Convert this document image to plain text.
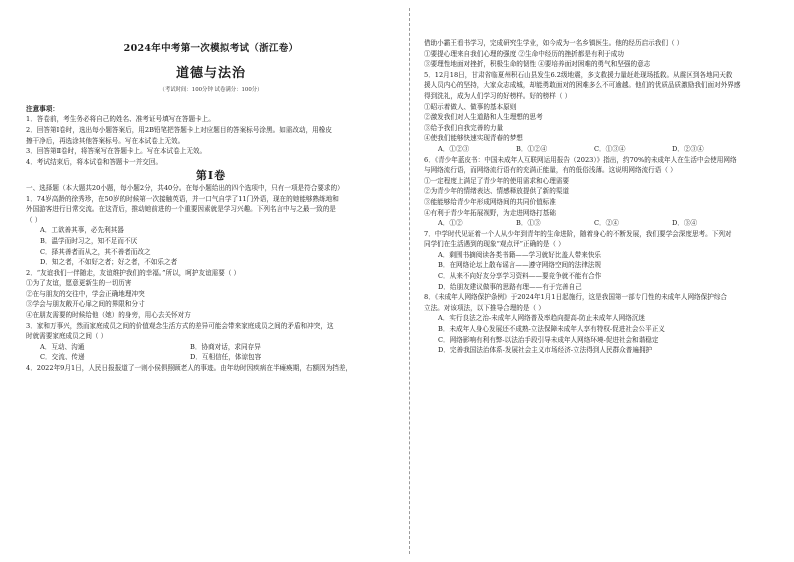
2024年中考第一次模拟考试（浙江卷）
道德与法治
（考试时间：100分钟 试卷满分：100分）
注意事项：
1．答卷前，考生务必将自己的姓名、准考证号填写在答题卡上。
2．回答第Ⅰ卷时，选出每小题答案后，用2B铅笔把答题卡上对应题目的答案标号涂黑。如需改动，用橡皮
擦干净后，再选涂其他答案标号。写在本试卷上无效。
3．回答第Ⅱ卷时，将答案写在答题卡上。写在本试卷上无效。
4．考试结束后，将本试卷和答题卡一并交回。
第Ⅰ卷
一、选择题（本大题共20小题，每小题2分，共40分。在每小题给出的四个选项中，只有一项是符合要求的）
1．74岁高龄的徐秀珍，在50岁的时候第一次接触英语，并一口气自学了11门外语，现在的她能够熟练地和
外国游客进行日常交流。在这背后，推动她前进的一个重要因素就是学习兴趣。下列名言中与之最一致的是
（ ）
A．工欲善其事，必先利其器
B．温学而时习之，知不足而不厌
C．择其善者而从之，其不善者而改之
D．知之者，不如好之者；好之者，不如乐之者
2．“友谊我们一伴随走，友谊维护我们的幸福。”所以，呵护友谊需要（ ）
①为了友谊，愿意更新生的一切历害
②在与朋友的交往中，学会正确地理冲突
③学会与朋友敞开心扉之间的界限和分寸
④在朋友需要的时候给他（她）的身旁，用心去关怀对方
3．家和万事兴，然而家庭成员之间的价值观念生活方式的差异可能会带来家庭成员之间的矛盾和冲突，这
时就需要家庭成员之间（ ）
A．互动、沟通	B．协商对话，求同存异
C．交流、传递	D．互相信任，体谅包容
4．2022年9月1日，人民日报报道了一则小侯俱照顾老人的事迹。由年幼时因疾病在半瘫痪期，右额因为挡差，
借助小霸王看书学习，完成研究生学业，如今成为一名乡镇医生。他的经历启示我们（ ）
①要提心理来自我们心理的强度 ②生命中经历的挫折都是有利于成功
③要理性地面对挫折，积极生命的韧性 ④要培养面对困难的勇气和坚强的意志
5．12月18日，甘肃省临夏州积石山县发生6.2级地震，多支救援力量赶赴现场抵救。从震区到各地同天救
援人员内心的坚持，大家众志成城，却能勇敢面对的困难多么不可逾越。他们的优质品质激励我们面对外界感
得到洗礼，成为人们学习的好榜样。好的榜样（ ）
①昭示着做人、做事的基本原则
②激发我们对人生道路和人生理想的思考
③给予我们自我完善的力量
④使我们能够快速实现青春的梦想
A．①②③	B．①②④	C．①③④	D．②③④
6．《青少年蓝皮书：中国未成年人互联网运用报告（2023）》指出，约70%的未成年人在生活中会使用网络
与网络流行语，而网络流行语有的充满正能量，有的低俗浅薄。这说明网络流行语（ ）
①一定程度上满足了青少年的使用需求和心理需要
②为青少年的情绪表达、情感释放提供了新的渠道
③能能够给青少年形成网络间的共同价值标准
④有利于青少年拓展视野，为走进网络打基础
A．①②	B．①③	C．②④	D．③④
7．中学时代见证着一个人从少年到青年的生命进阶，随着身心的不断发展，我们要学会深度思考。下列对
同学们在生活遇到的现象“观点评”正确的是（ ）
A．剩围书摘阅读各类书籍——学习就好比盖人带来快乐
B．在网络论坛上散布谣言——遵守网络空间的法律法规
C．从来不向好友分享学习资料——要竞争就不能有合作
D．给朋友建议做事的思路有理——有于完善自己
8．《未成年人网络保护条例》于2024年1月1日起施行，这是我国第一部专门性的未成年人网络保护综合
立法。对该项法，以下推导合理的是（ ）
A．实行良法之治-未成年人网络普及率趋向提高-防止未成年人网络沉迷
B．未成年人身心发展还不成熟-立法保障未成年人享有特权-促进社会公平正义
C．网络影响有利有弊-以法治手段引导未成年人网络环境-促进社会和谐稳定
D．完善我国法治体系-发展社会主义市场经济-立法得到人民群众普遍拥护
